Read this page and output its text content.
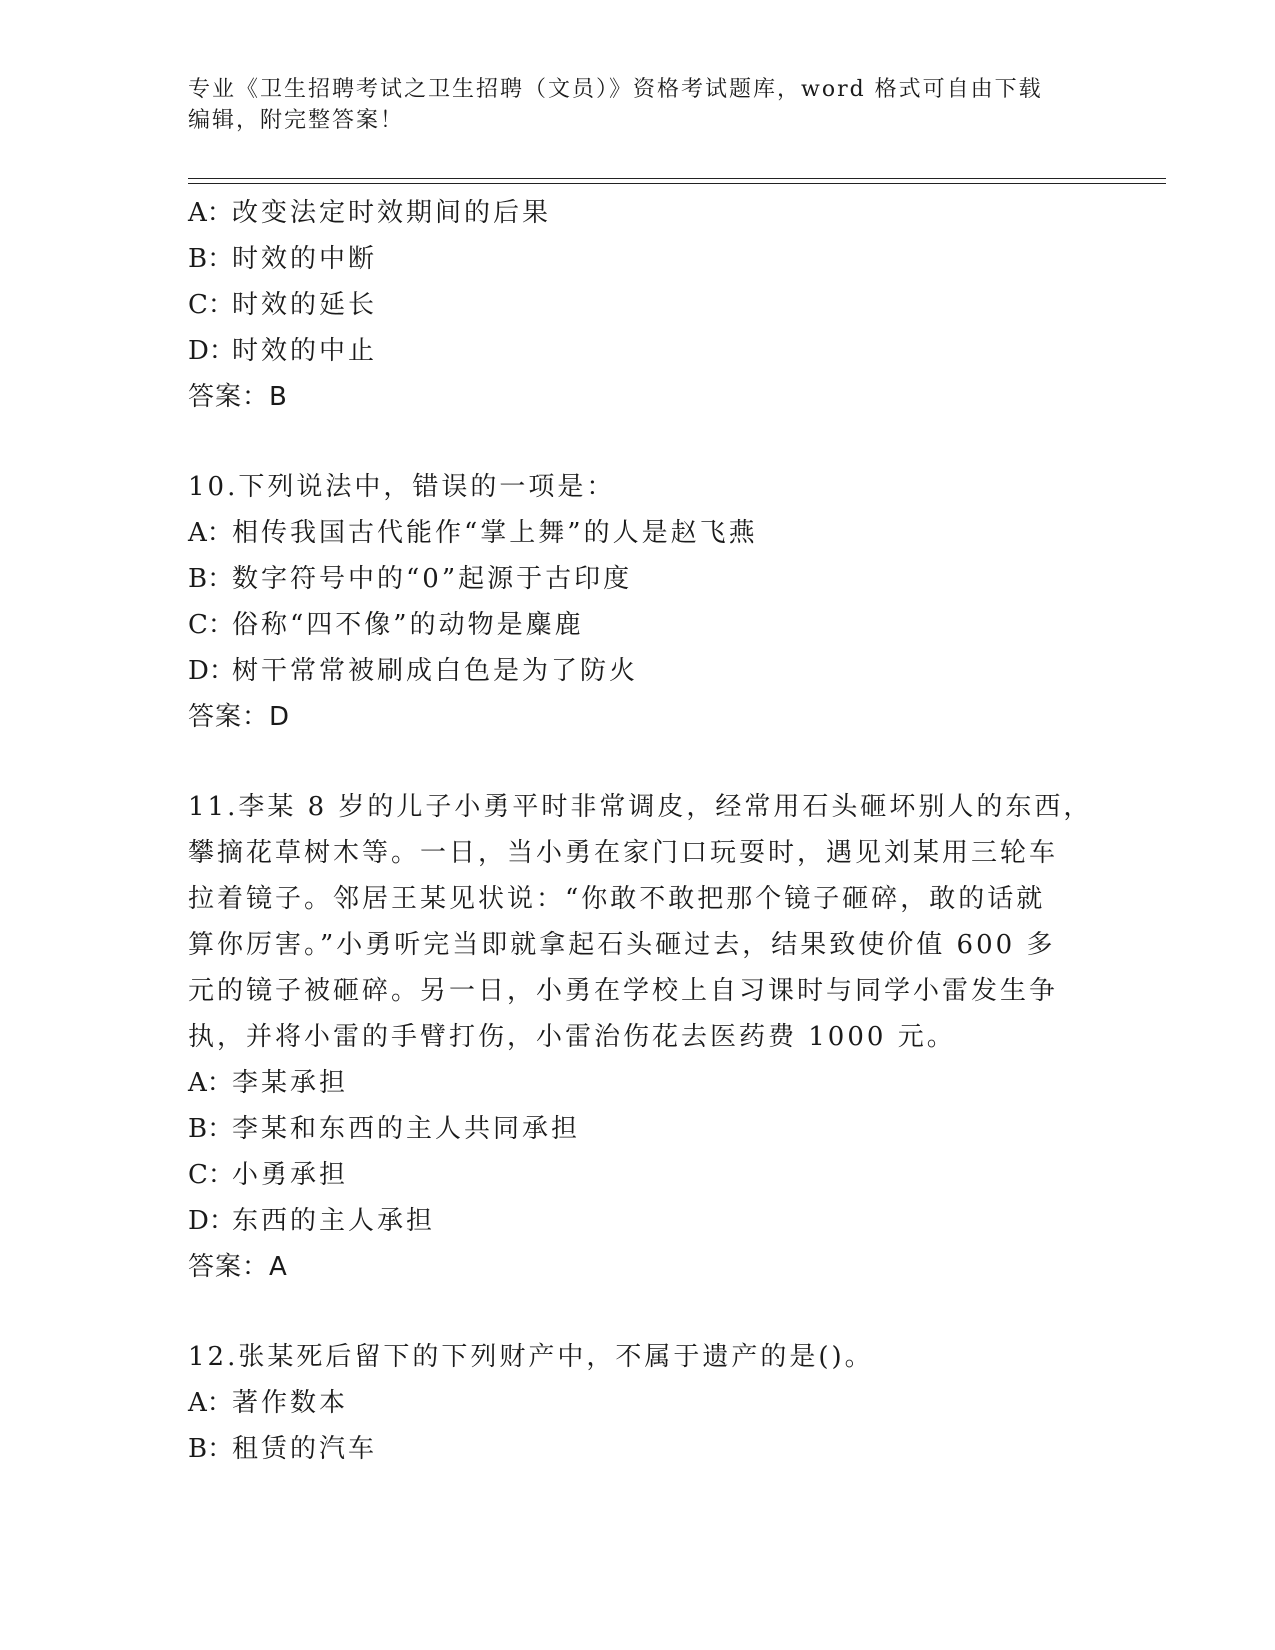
专业《卫生招聘考试之卫生招聘（文员）》资格考试题库，word 格式可自由下载
编辑，附完整答案！
A：改变法定时效期间的后果
B：时效的中断
C：时效的延长
D：时效的中止
答案：B
10.下列说法中，错误的一项是：
A：相传我国古代能作“掌上舞”的人是赵飞燕
B：数字符号中的“0”起源于古印度
C：俗称“四不像”的动物是麋鹿
D：树干常常被刷成白色是为了防火
答案：D
11.李某 8 岁的儿子小勇平时非常调皮，经常用石头砸坏别人的东西，
攀摘花草树木等。一日，当小勇在家门口玩耍时，遇见刘某用三轮车
拉着镜子。邻居王某见状说：“你敢不敢把那个镜子砸碎，敢的话就
算你厉害。”小勇听完当即就拿起石头砸过去，结果致使价值 600 多
元的镜子被砸碎。另一日，小勇在学校上自习课时与同学小雷发生争
执，并将小雷的手臂打伤，小雷治伤花去医药费 1000 元。
A：李某承担
B：李某和东西的主人共同承担
C：小勇承担
D：东西的主人承担
答案：A
12.张某死后留下的下列财产中，不属于遗产的是()。
A：著作数本
B：租赁的汽车
